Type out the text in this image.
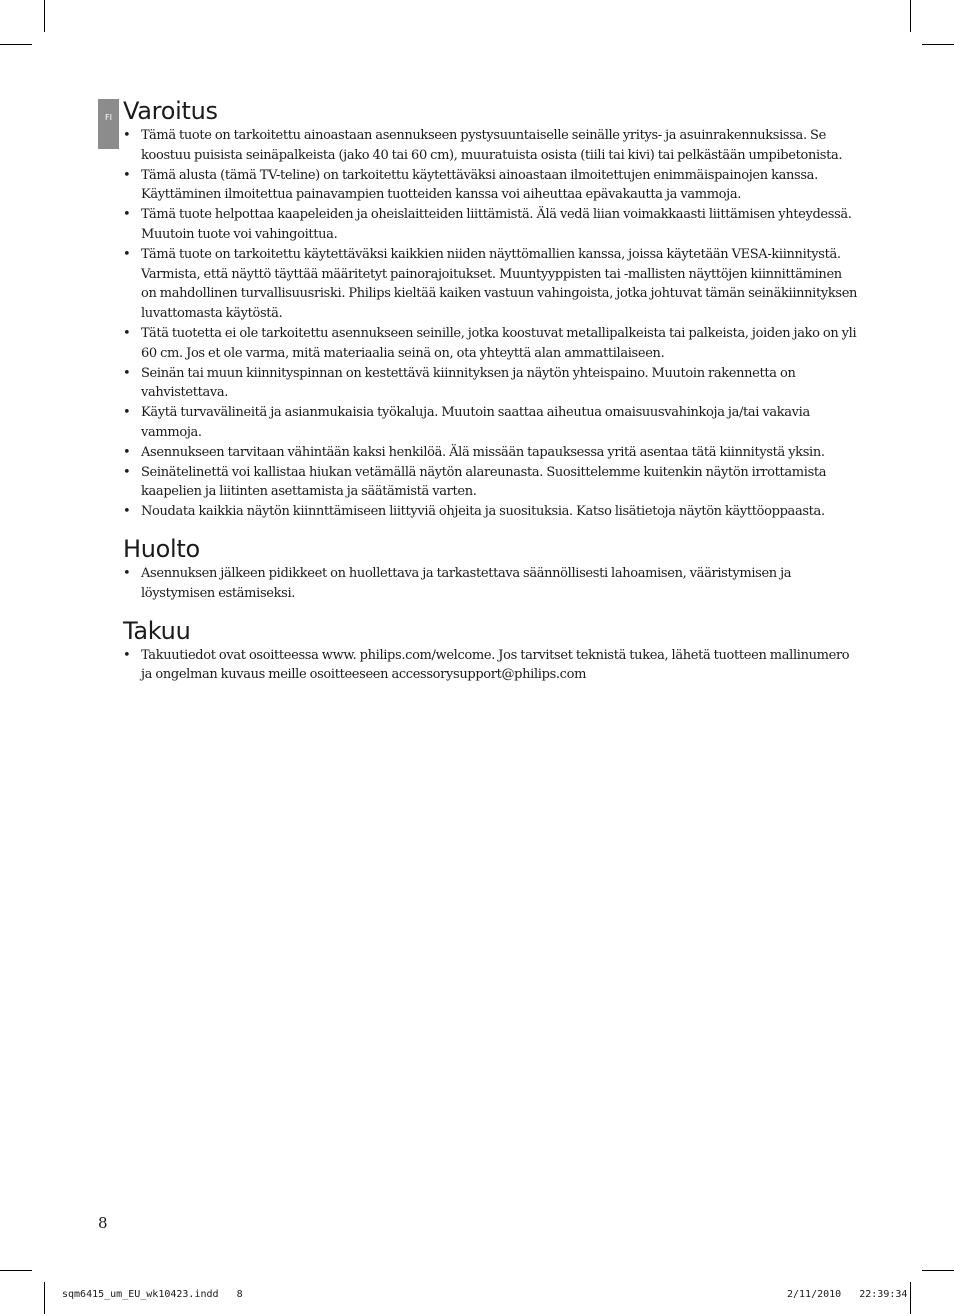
FI Varoitus
• Tämä tuote on tarkoitettu ainoastaan asennukseen pystysuuntaiselle seinälle yritys- ja asuinrakennuksissa. Se koostuu puisista seinäpalkeista (jako 40 tai 60 cm), muuratuista osista (tiili tai kivi) tai pelkästään umpibetonista.
• Tämä alusta (tämä TV-teline) on tarkoitettu käytettäväksi ainoastaan ilmoitettujen enimmäispainojen kanssa. Käyttäminen ilmoitettua painavampien tuotteiden kanssa voi aiheuttaa epävakautta ja vammoja.
• Tämä tuote helpottaa kaapeleiden ja oheislaitteiden liittämistä. Älä vedä liian voimakkaasti liittämisen yhteydessä. Muutoin tuote voi vahingoittua.
• Tämä tuote on tarkoitettu käytettäväksi kaikkien niiden näyttömallien kanssa, joissa käytetään VESA-kiinnitystä. Varmista, että näyttö täyttää määritetyt painorajoitukset. Muuntyyppisten tai -mallisten näyttöjen kiinnittäminen on mahdollinen turvallisuusriski. Philips kieltää kaiken vastuun vahingoista, jotka johtuvat tämän seinäkiinnityksen luvattomasta käytöstä.
• Tätä tuotetta ei ole tarkoitettu asennukseen seinille, jotka koostuvat metallipalkeista tai palkeista, joiden jako on yli 60 cm. Jos et ole varma, mitä materiaalia seinä on, ota yhteyttä alan ammattilaiseen.
• Seinän tai muun kiinnityspinnan on kestettävä kiinnityksen ja näytön yhteispaino. Muutoin rakennetta on vahvistettava.
• Käytä turvavälineitä ja asianmukaisia työkaluja. Muutoin saattaa aiheutua omaisuusvahinkoja ja/tai vakavia vammoja.
• Asennukseen tarvitaan vähintään kaksi henkilöä. Älä missään tapauksessa yritä asentaa tätä kiinnitystä yksin.
• Seinätelinettä voi kallistaa hiukan vetämällä näytön alareunasta. Suosittelemme kuitenkin näytön irrottamista kaapelien ja liitinten asettamista ja säätämistä varten.
• Noudata kaikkia näytön kiinnttämiseen liittyviä ohjeita ja suosituksia. Katso lisätietoja näytön käyttöoppaasta.
Huolto
• Asennuksen jälkeen pidikkeet on huollettava ja tarkastettava säännöllisesti lahoamisen, vääristymisen ja löystymisen estämiseksi.
Takuu
• Takuutiedot ovat osoitteessa www. philips.com/welcome. Jos tarvitset teknistä tukea, lähetä tuotteen mallinumero ja ongelman kuvaus meille osoitteeseen accessorysupport@philips.com
8
sqm6415_um_EU_wk10423.indd   8	2/11/2010   22:39:34
